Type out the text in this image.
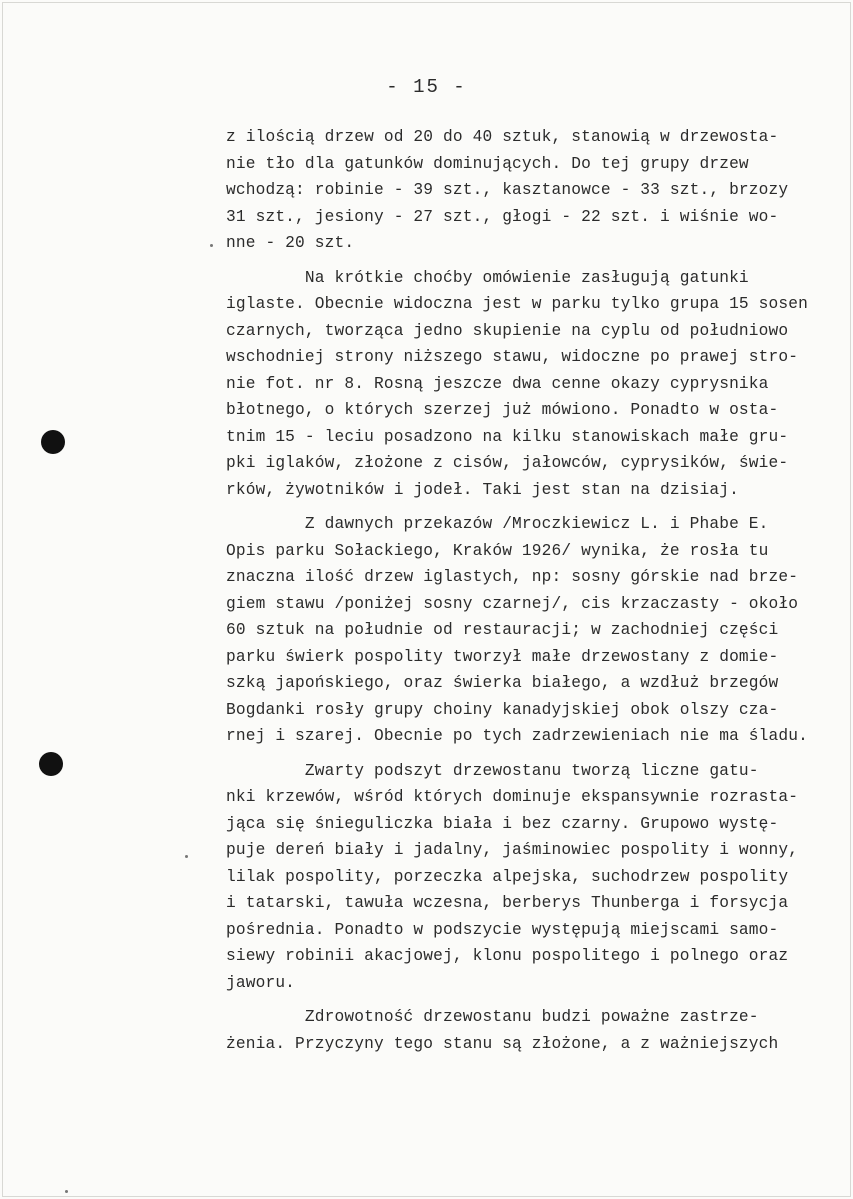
- 15 -
z ilością drzew od 20 do 40 sztuk, stanowią w drzewosta-
nie tło dla gatunków dominujących. Do tej grupy drzew
wchodzą: robinie - 39 szt., kasztanowce - 33 szt., brzozy
31 szt., jesiony - 27 szt., głogi - 22 szt. i wiśnie wo-
nne - 20 szt.
Na krótkie choćby omówienie zasługują gatunki
iglaste. Obecnie widoczna jest w parku tylko grupa 15 sosen
czarnych, tworząca jedno skupienie na cyplu od południowo
wschodniej strony niższego stawu, widoczne po prawej stro-
nie fot. nr 8. Rosną jeszcze dwa cenne okazy cyprysnika
błotnego, o których szerzej już mówiono. Ponadto w osta-
tnim 15 - leciu posadzono na kilku stanowiskach małe gru-
pki iglaków, złożone z cisów, jałowców, cyprysików, świe-
rków, żywotników i jodeł. Taki jest stan na dzisiaj.
Z dawnych przekazów /Mroczkiewicz L. i Phabe E.
Opis parku Sołackiego, Kraków 1926/ wynika, że rosła tu
znaczna ilość drzew iglastych, np: sosny górskie nad brze-
giem stawu /poniżej sosny czarnej/, cis krzaczasty - około
60 sztuk na południe od restauracji; w zachodniej części
parku świerk pospolity tworzył małe drzewostany z domie-
szką japońskiego, oraz świerka białego, a wzdłuż brzegów
Bogdanki rosły grupy choiny kanadyjskiej obok olszy cza-
rnej i szarej. Obecnie po tych zadrzewieniach nie ma śladu.
Zwarty podszyt drzewostanu tworzą liczne gatu-
nki krzewów, wśród których dominuje ekspansywnie rozrasta-
jąca się śnieguliczka biała i bez czarny. Grupowo wystę-
puje dereń biały i jadalny, jaśminowiec pospolity i wonny,
lilak pospolity, porzeczka alpejska, suchodrzew pospolity
i tatarski, tawuła wczesna, berberys Thunberga i forsycja
pośrednia. Ponadto w podszycie występują miejscami samo-
siewy robinii akacjowej, klonu pospolitego i polnego oraz
jaworu.
Zdrowotność drzewostanu budzi poważne zastrze-
żenia. Przyczyny tego stanu są złożone, a z ważniejszych
